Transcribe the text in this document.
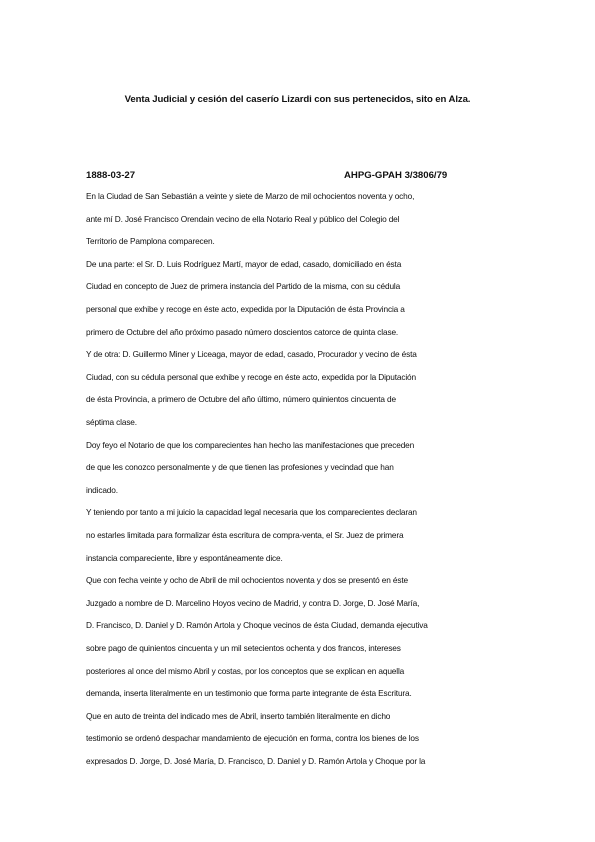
Venta Judicial y cesión del caserío Lizardi con sus pertenecidos, sito en Alza.
1888-03-27	AHPG-GPAH 3/3806/79
En la Ciudad de San Sebastián a veinte y siete de Marzo de mil ochocientos noventa y ocho,
ante mí D. José Francisco Orendain vecino de ella Notario Real y público del Colegio del
Territorio de Pamplona comparecen.
De una parte: el Sr. D. Luis Rodríguez Martí, mayor de edad, casado, domiciliado en ésta
Ciudad en concepto de Juez de primera instancia del Partido de la misma, con su cédula
personal que exhibe y recoge en éste acto, expedida por la Diputación de ésta Provincia a
primero de Octubre del año próximo pasado número doscientos catorce de quinta clase.
Y de otra: D. Guillermo Miner y Liceaga, mayor de edad, casado, Procurador y vecino de ésta
Ciudad, con su cédula personal que exhibe y recoge en éste acto, expedida por la Diputación
de ésta Provincia, a primero de Octubre del año último, número quinientos cincuenta de
séptima clase.
Doy feyo el Notario de que los comparecientes han hecho las manifestaciones que preceden
de que les conozco personalmente y de que tienen las profesiones y vecindad que han
indicado.
Y teniendo por tanto a mi juicio la capacidad legal necesaria que los comparecientes declaran
no estarles limitada para formalizar ésta escritura de compra-venta, el Sr. Juez de primera
instancia compareciente, libre y espontáneamente dice.
Que con fecha veinte y ocho de Abril de mil ochocientos noventa y dos se presentó en éste
Juzgado a nombre de D. Marcelino Hoyos vecino de Madrid, y contra D. Jorge, D. José María,
D. Francisco, D. Daniel y D. Ramón Artola y Choque vecinos de ésta Ciudad, demanda ejecutiva
sobre pago de quinientos cincuenta y un mil setecientos ochenta y dos francos, intereses
posteriores al once del mismo Abril y costas, por los conceptos que se explican en aquella
demanda, inserta literalmente en un testimonio que forma parte integrante de ésta Escritura.
Que en auto de treinta del indicado mes de Abril, inserto también literalmente en dicho
testimonio se ordenó despachar mandamiento de ejecución en forma, contra los bienes de los
expresados D. Jorge, D. José María, D. Francisco, D. Daniel y D. Ramón Artola y Choque por la
